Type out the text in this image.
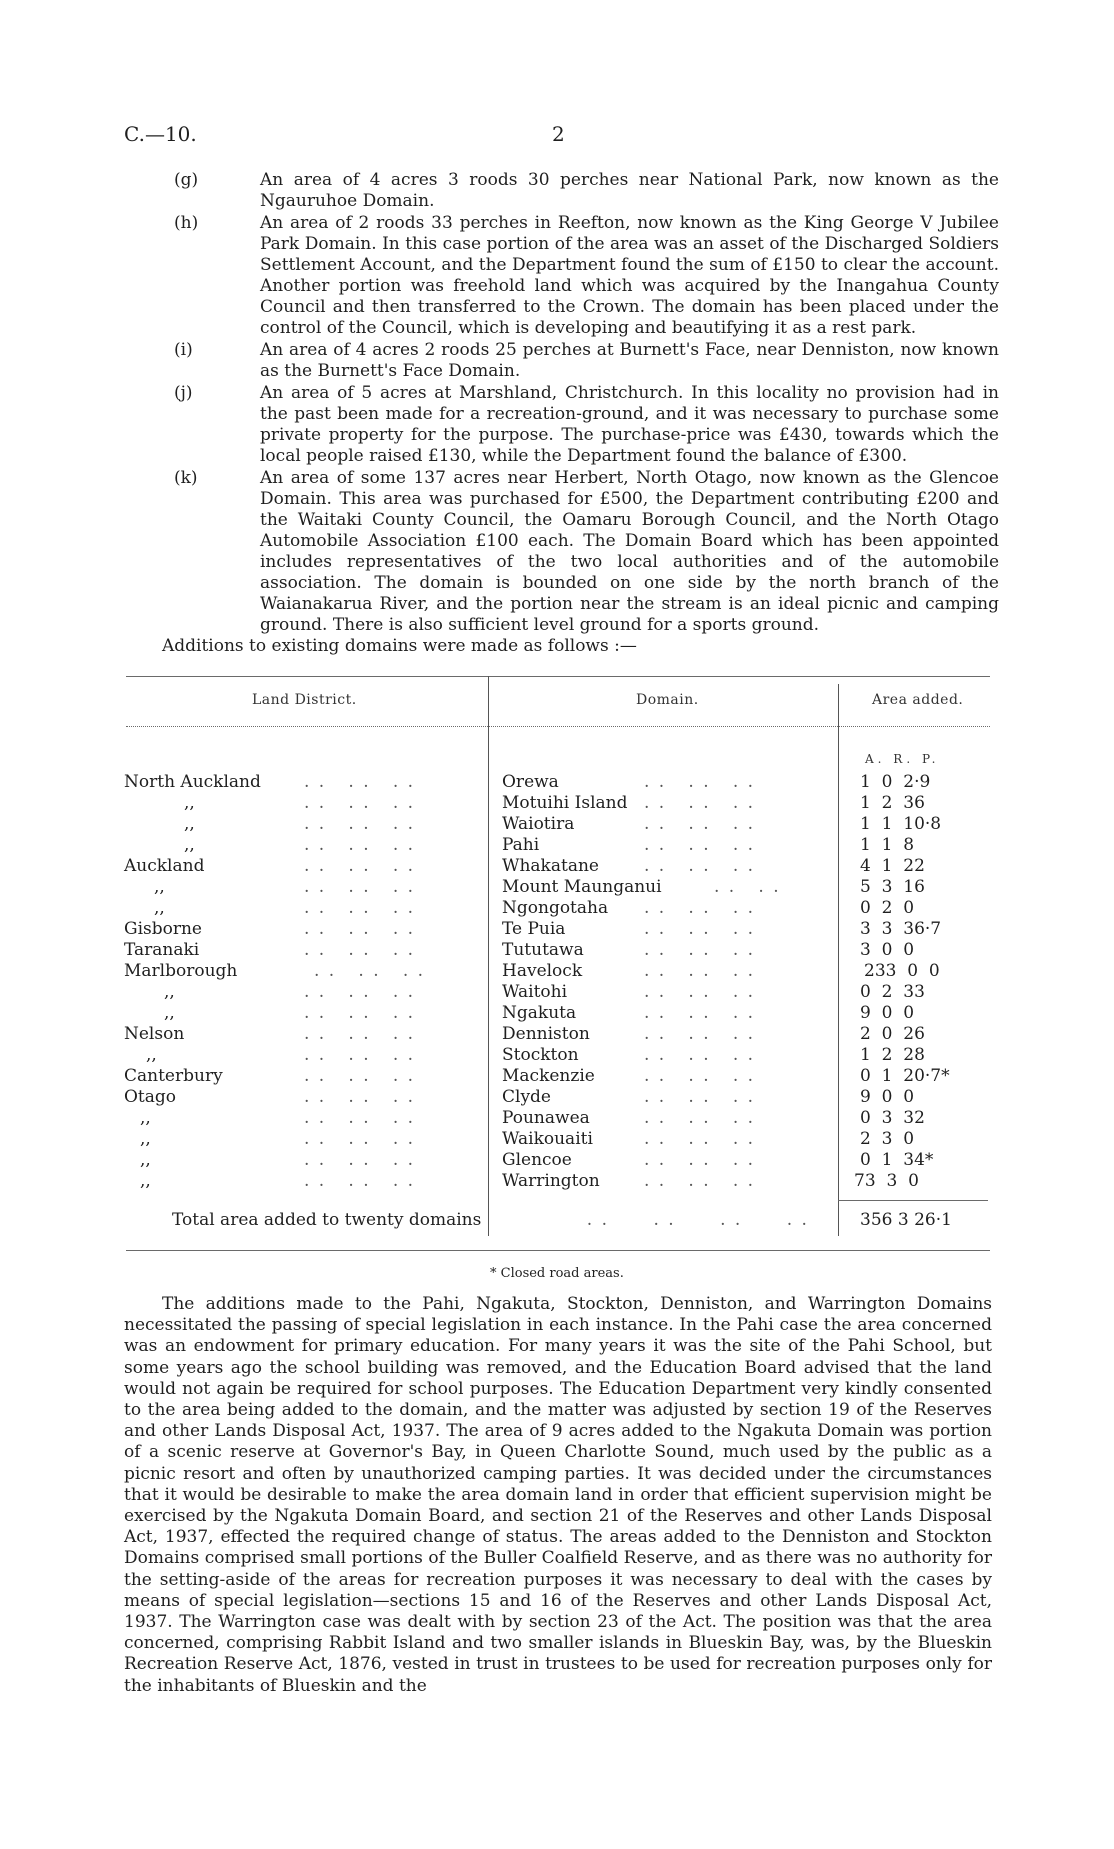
C.—10.	2
(g)	An area of 4 acres 3 roods 30 perches near National Park, now known as the Ngauruhoe Domain.
(h)	An area of 2 roods 33 perches in Reefton, now known as the King George V Jubilee Park Domain. In this case portion of the area was an asset of the Discharged Soldiers Settlement Account, and the Department found the sum of £150 to clear the account. Another portion was freehold land which was acquired by the Inangahua County Council and then transferred to the Crown. The domain has been placed under the control of the Council, which is developing and beautifying it as a rest park.
(i)	An area of 4 acres 2 roods 25 perches at Burnett's Face, near Denniston, now known as the Burnett's Face Domain.
(j)	An area of 5 acres at Marshland, Christchurch. In this locality no provision had in the past been made for a recreation-ground, and it was necessary to purchase some private property for the purpose. The purchase-price was £430, towards which the local people raised £130, while the Department found the balance of £300.
(k)	An area of some 137 acres near Herbert, North Otago, now known as the Glencoe Domain. This area was purchased for £500, the Department contributing £200 and the Waitaki County Council, the Oamaru Borough Council, and the North Otago Automobile Association £100 each. The Domain Board which has been appointed includes representatives of the two local authorities and of the automobile association. The domain is bounded on one side by the north branch of the Waianakarua River, and the portion near the stream is an ideal picnic and camping ground. There is also sufficient level ground for a sports ground.
Additions to existing domains were made as follows :—
Land District.	Domain.	Area added.
A. R. P.
North Auckland	. .   . .   . .	Orewa	. .   . .   . .	1  0  2·9
,,	. .   . .   . .	Motuihi Island . .   . .   . .	1  2  36
,,	. .   . .   . .	Waiotira	. .   . .   . .	1  1  10·8
,,	. .   . .   . .	Pahi	. .   . .   . .	1  1  8
Auckland	. .   . .   . .	Whakatane	. .   . .   . .	4  1  22
,,	. .   . .   . .	Mount Maunganui	. .   . .	5  3  16
,,	. .   . .   . .	Ngongotaha . .   . .   . .	0  2  0
Gisborne	. .   . .   . .	Te Puia	. .   . .   . .	3  3  36·7
Taranaki	. .   . .   . .	Tututawa	. .   . .   . .	3  0  0
Marlborough	. .   . .   . .	Havelock	. .   . .   . .	233  0  0
,,	. .   . .   . .	Waitohi	. .   . .   . .	0  2  33
,,	. .   . .   . .	Ngakuta	. .   . .   . .	9  0  0
Nelson	. .   . .   . .	Denniston	. .   . .   . .	2  0  26
,,	. .   . .   . .	Stockton	. .   . .   . .	1  2  28
Canterbury	. .   . .   . .	Mackenzie	. .   . .   . .	0  1  20·7*
Otago	. .   . .   . .	Clyde	. .   . .   . .	9  0  0
,,	. .   . .   . .	Pounawea	. .   . .   . .	0  3  32
,,	. .   . .   . .	Waikouaiti	. .   . .   . .	2  3  0
,,	. .   . .   . .	Glencoe	. .   . .   . .	0  1  34*
,,	. .   . .   . .	Warrington	. .   . .   . .	73  3  0
Total area added to twenty domains	. .      . .      . .      . .	356 3 26·1
* Closed road areas.
The additions made to the Pahi, Ngakuta, Stockton, Denniston, and Warrington Domains necessitated the passing of special legislation in each instance. In the Pahi case the area concerned was an endowment for primary education. For many years it was the site of the Pahi School, but some years ago the school building was removed, and the Education Board advised that the land would not again be required for school purposes. The Education Department very kindly consented to the area being added to the domain, and the matter was adjusted by section 19 of the Reserves and other Lands Disposal Act, 1937. The area of 9 acres added to the Ngakuta Domain was portion of a scenic reserve at Governor's Bay, in Queen Charlotte Sound, much used by the public as a picnic resort and often by unauthorized camping parties. It was decided under the circumstances that it would be desirable to make the area domain land in order that efficient supervision might be exercised by the Ngakuta Domain Board, and section 21 of the Reserves and other Lands Disposal Act, 1937, effected the required change of status. The areas added to the Denniston and Stockton Domains comprised small portions of the Buller Coalfield Reserve, and as there was no authority for the setting-aside of the areas for recreation purposes it was necessary to deal with the cases by means of special legislation—sections 15 and 16 of the Reserves and other Lands Disposal Act, 1937. The Warrington case was dealt with by section 23 of the Act. The position was that the area concerned, comprising Rabbit Island and two smaller islands in Blueskin Bay, was, by the Blueskin Recreation Reserve Act, 1876, vested in trust in trustees to be used for recreation purposes only for the inhabitants of Blueskin and the
